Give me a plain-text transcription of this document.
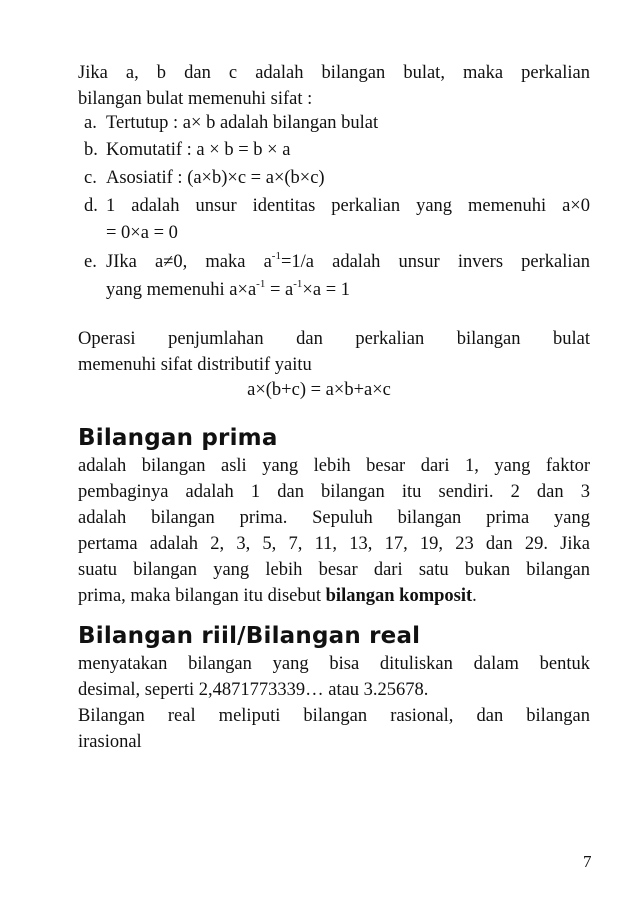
Jika a, b dan c adalah bilangan bulat, maka perkalian
bilangan bulat memenuhi sifat :
a. Tertutup : a× b adalah bilangan bulat
b. Komutatif : a × b = b × a
c. Asosiatif : (a×b)×c = a×(b×c)
d. 1 adalah unsur identitas perkalian yang memenuhi a×0
= 0×a = 0
e. JIka a≠0, maka $a^{-1}=1/a$ adalah unsur invers perkalian
yang memenuhi $a\times a^{-1} = a^{-1}\times a = 1$
Operasi penjumlahan dan perkalian bilangan bulat
memenuhi sifat distributif yaitu
a×(b+c) = a×b+a×c
Bilangan prima
adalah bilangan asli yang lebih besar dari 1, yang faktor
pembaginya adalah 1 dan bilangan itu sendiri. 2 dan 3
adalah bilangan prima. Sepuluh bilangan prima yang
pertama adalah 2, 3, 5, 7, 11, 13, 17, 19, 23 dan 29. Jika
suatu bilangan yang lebih besar dari satu bukan bilangan
prima, maka bilangan itu disebut bilangan komposit.
Bilangan riil/Bilangan real
menyatakan bilangan yang bisa dituliskan dalam bentuk
desimal, seperti 2,4871773339… atau 3.25678.
Bilangan real meliputi bilangan rasional, dan bilangan
irasional
7
